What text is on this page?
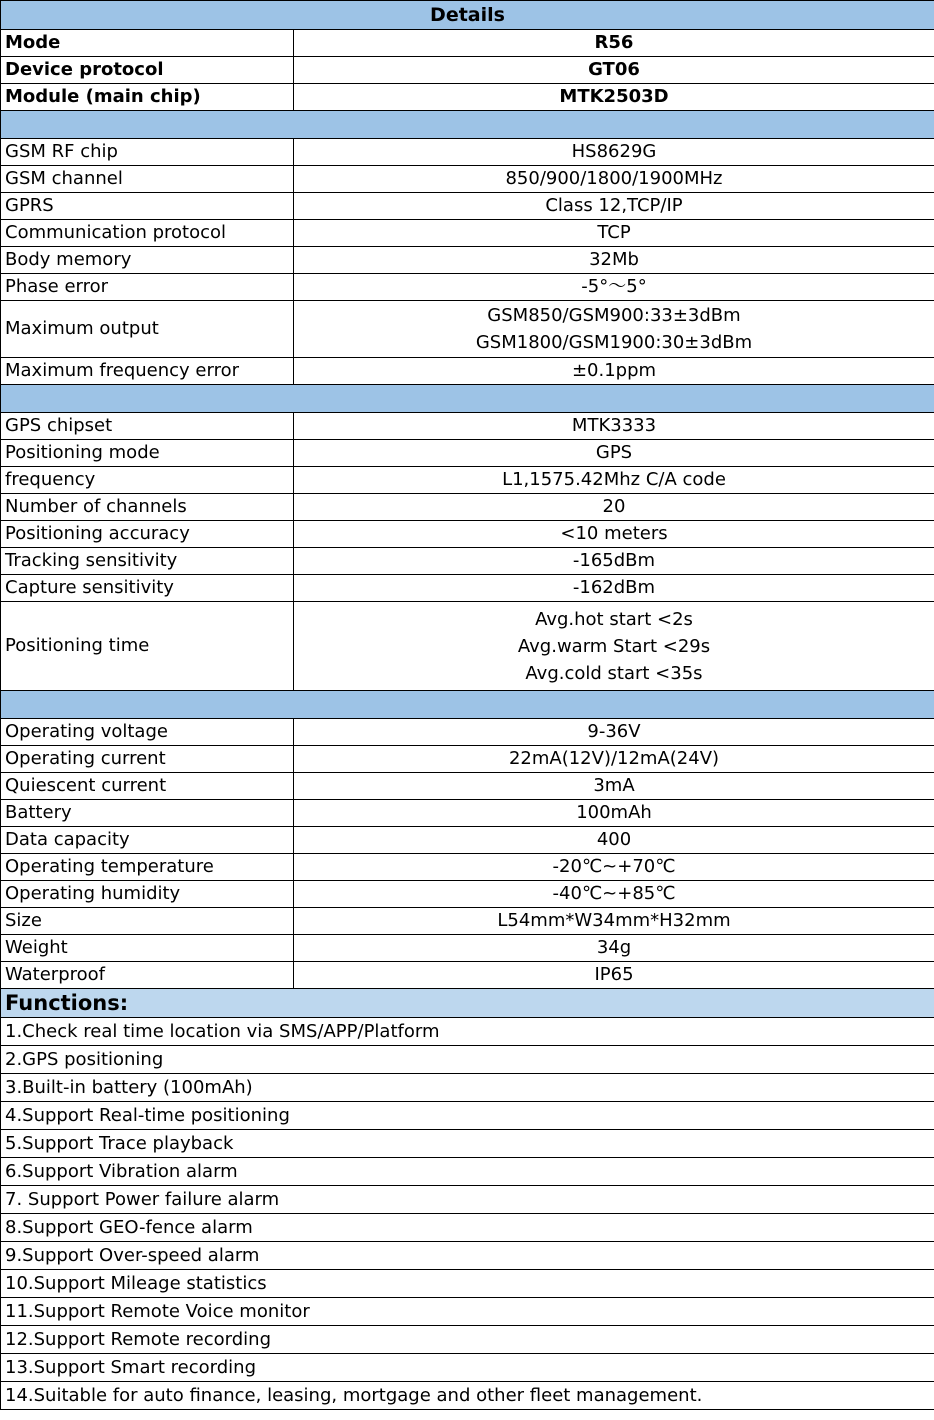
Details	
Mode	R56
Device protocol	GT06
Module (main chip)	MTK2503D

GSM RF chip	HS8629G
GSM channel	850/900/1800/1900MHz
GPRS	Class 12,TCP/IP
Communication protocol	TCP
Body memory	32Mb
Phase error	-5°～5°
Maximum output	GSM850/GSM900:33±3dBm
GSM1800/GSM1900:30±3dBm

Maximum frequency error	±0.1ppm

GPS chipset	MTK3333
Positioning mode	GPS
frequency	L1,1575.42Mhz C/A code
Number of channels	20
Positioning accuracy	<10 meters
Tracking sensitivity	-165dBm
Capture sensitivity	-162dBm
Positioning time	Avg.hot start <2s
Avg.warm Start <29s
Avg.cold start <35s

Operating voltage	9-36V
Operating current	22mA(12V)/12mA(24V)
Quiescent current	3mA
Battery	100mAh
Data capacity	400
Operating temperature	-20℃~+70℃
Operating humidity	-40℃~+85℃
Size	L54mm*W34mm*H32mm
Weight	34g
Waterproof	IP65
Functions:	
1.Check real time location via SMS/APP/Platform	
2.GPS positioning	
3.Built-in battery (100mAh)	
4.Support Real-time positioning	
5.Support Trace playback	
6.Support Vibration alarm	
7. Support Power failure alarm	
8.Support GEO-fence alarm	
9.Support Over-speed alarm	
10.Support Mileage statistics	
11.Support Remote Voice monitor	
12.Support Remote recording	
13.Support Smart recording	
14.Suitable for auto finance, leasing, mortgage and other fleet management.	
